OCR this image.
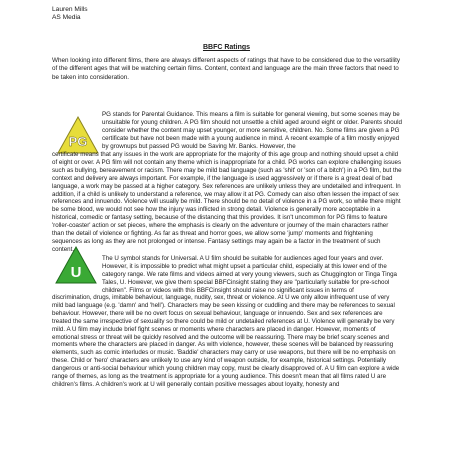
Lauren Mills
AS Media
BBFC Ratings
When looking into different films, there are always different aspects of ratings that have to be considered due to the versatility of the different ages that will be watching certain films. Content, context and language are the main three factors that need to be taken into consideration.
PG
PG stands for Parental Guidance. This means a film is suitable for general viewing, but some scenes may be unsuitable for young children. A PG film should not unsettle a child aged around eight or older. Parents should consider whether the content may upset younger, or more sensitive, children. No. Some films are given a PG certificate but have not been made with a young audience in mind. A recent example of a film mostly enjoyed by grownups but passed PG would be Saving Mr. Banks. However, the
certificate means that any issues in the work are appropriate for the majority of this age group and nothing should upset a child of eight or over. A PG film will not contain any theme which is inappropriate for a child. PG works can explore challenging issues such as bullying, bereavement or racism. There may be mild bad language (such as 'shit' or 'son of a bitch') in a PG film, but the context and delivery are always important. For example, if the language is used aggressively or if there is a great deal of bad language, a work may be passed at a higher category. Sex references are unlikely unless they are undetailed and infrequent. In addition, if a child is unlikely to understand a reference, we may allow it at PG. Comedy can also often lessen the impact of sex references and innuendo. Violence will usually be mild. There should be no detail of violence in a PG work, so while there might be some blood, we would not see how the injury was inflicted in strong detail. Violence is generally more acceptable in a historical, comedic or fantasy setting, because of the distancing that this provides. It isn't uncommon for PG films to feature 'roller-coaster' action or set pieces, where the emphasis is clearly on the adventure or journey of the main characters rather than the detail of violence or fighting. As far as threat and horror goes, we allow some 'jump' moments and frightening sequences as long as they are not prolonged or intense. Fantasy settings may again be a factor in the treatment of such content.
U
The U symbol stands for Universal. A U film should be suitable for audiences aged four years and over. However, it is impossible to predict what might upset a particular child, especially at this lower end of the category range. We rate films and videos aimed at very young viewers, such as Chuggington or Tinga Tinga Tales, U. However, we give them special BBFCinsight stating they are "particularly suitable for pre-school children". Films or videos with this BBFCinsight should raise no significant issues in terms of
discrimination, drugs, imitable behaviour, language, nudity, sex, threat or violence. At U we only allow infrequent use of very mild bad language (e.g. 'damn' and 'hell'). Characters may be seen kissing or cuddling and there may be references to sexual behaviour. However, there will be no overt focus on sexual behaviour, language or innuendo. Sex and sex references are treated the same irrespective of sexuality so there could be mild or undetailed references at U. Violence will generally be very mild. A U film may include brief fight scenes or moments where characters are placed in danger. However, moments of emotional stress or threat will be quickly resolved and the outcome will be reassuring. There may be brief scary scenes and moments where the characters are placed in danger. As with violence, however, these scenes will be balanced by reassuring elements, such as comic interludes or music. 'Baddie' characters may carry or use weapons, but there will be no emphasis on these. Child or 'hero' characters are unlikely to use any kind of weapon outside, for example, historical settings. Potentially dangerous or anti-social behaviour which young children may copy, must be clearly disapproved of. A U film can explore a wide range of themes, as long as the treatment is appropriate for a young audience. This doesn't mean that all films rated U are children's films. A children's work at U will generally contain positive messages about loyalty, honesty and
